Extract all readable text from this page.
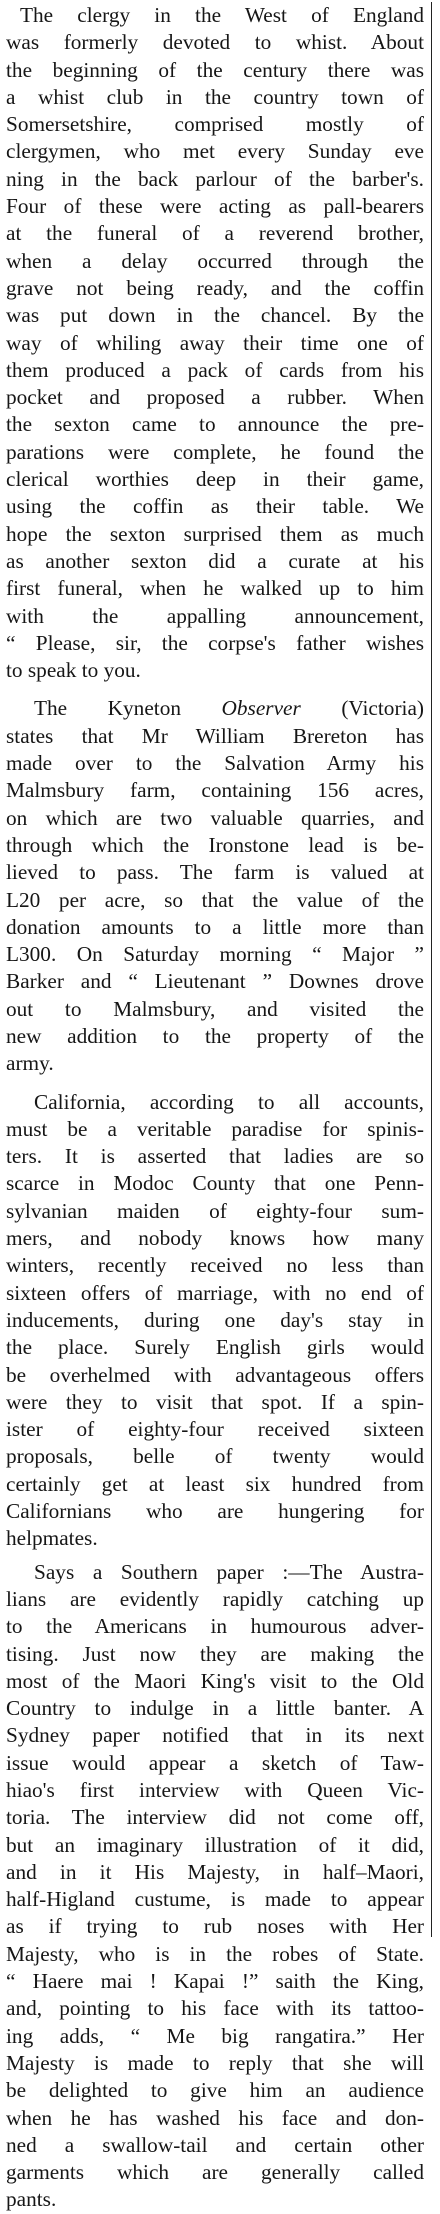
The clergy in the West of England
was formerly devoted to whist. About
the beginning of the century there was
a whist club in the country town of
Somersetshire, comprised mostly of
clergymen, who met every Sunday eve
ning in the back parlour of the barber's.
Four of these were acting as pall-bearers
at the funeral of a reverend brother,
when a delay occurred through the
grave not being ready, and the coffin
was put down in the chancel. By the
way of whiling away their time one of
them produced a pack of cards from his
pocket and proposed a rubber. When
the sexton came to announce the pre-
parations were complete, he found the
clerical worthies deep in their game,
using the coffin as their table. We
hope the sexton surprised them as much
as another sexton did a curate at his
first funeral, when he walked up to him
with the appalling announcement,
“ Please, sir, the corpse's father wishes
to speak to you.

The Kyneton Observer (Victoria)
states that Mr William Brereton has
made over to the Salvation Army his
Malmsbury farm, containing 156 acres,
on which are two valuable quarries, and
through which the Ironstone lead is be-
lieved to pass. The farm is valued at
L20 per acre, so that the value of the
donation amounts to a little more than
L300. On Saturday morning “ Major ”
Barker and “ Lieutenant ” Downes drove
out to Malmsbury, and visited the
new addition to the property of the
army.

California, according to all accounts,
must be a veritable paradise for spinis-
ters. It is asserted that ladies are so
scarce in Modoc County that one Penn-
sylvanian maiden of eighty-four sum-
mers, and nobody knows how many
winters, recently received no less than
sixteen offers of marriage, with no end of
inducements, during one day's stay in
the place. Surely English girls would
be overhelmed with advantageous offers
were they to visit that spot. If a spin-
ister of eighty-four received sixteen
proposals, belle of twenty would
certainly get at least six hundred from
Californians who are hungering for
helpmates.

Says a Southern paper :—The Austra-
lians are evidently rapidly catching up
to the Americans in humourous adver-
tising. Just now they are making the
most of the Maori King's visit to the Old
Country to indulge in a little banter. A
Sydney paper notified that in its next
issue would appear a sketch of Taw-
hiao's first interview with Queen Vic-
toria. The interview did not come off,
but an imaginary illustration of it did,
and in it His Majesty, in half–Maori,
half-Higland custume, is made to appear
as if trying to rub noses with Her
Majesty, who is in the robes of State.
“ Haere mai ! Kapai !” saith the King,
and, pointing to his face with its tattoo-
ing adds, “ Me big rangatira.” Her
Majesty is made to reply that she will
be delighted to give him an audience
when he has washed his face and don-
ned a swallow-tail and certain other
garments which are generally called
pants.
